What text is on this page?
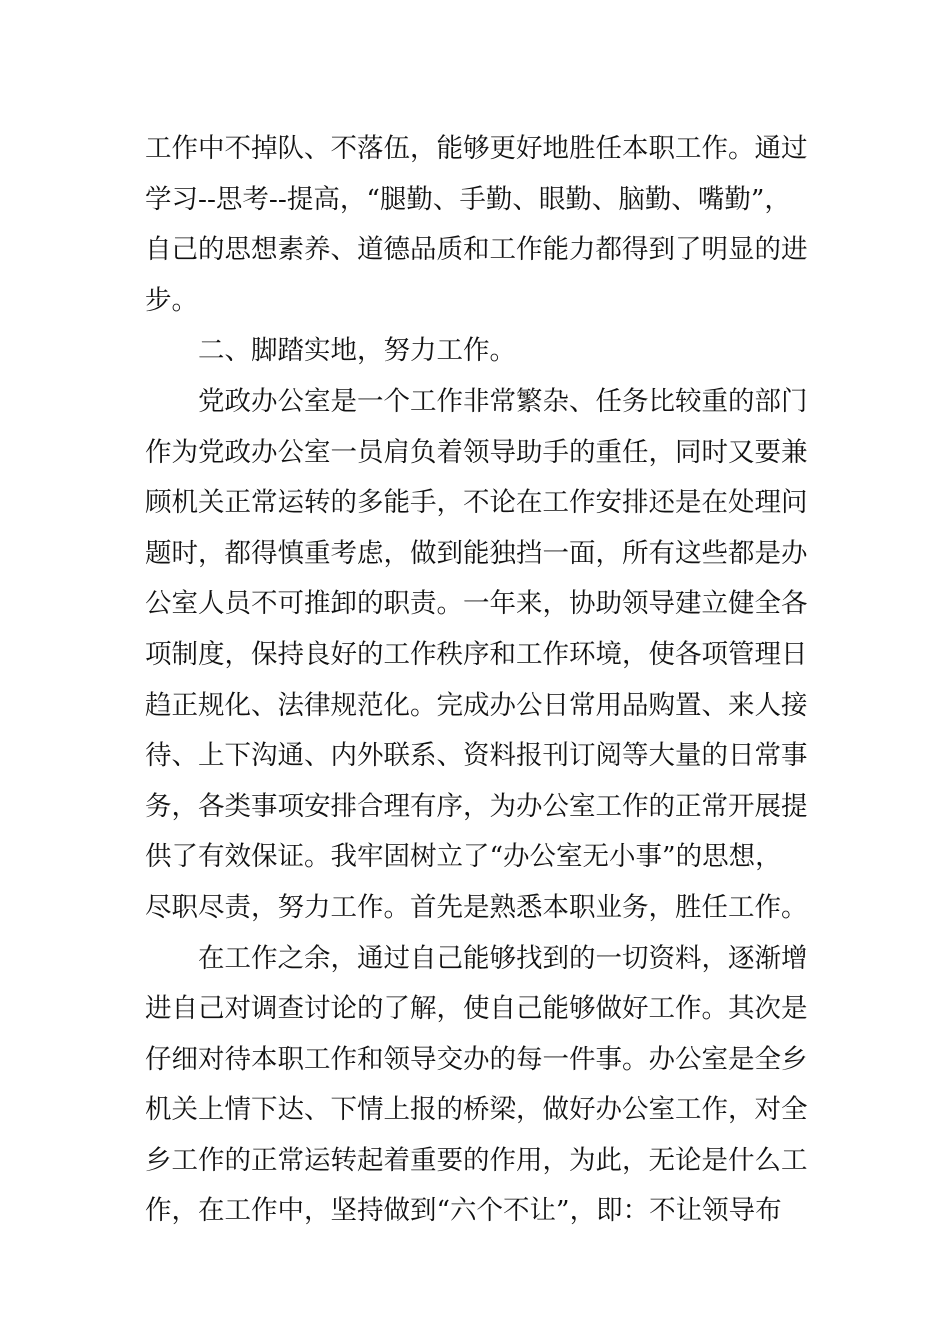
工作中不掉队、不落伍，能够更好地胜任本职工作。通过
学习--思考--提高，“腿勤、手勤、眼勤、脑勤、嘴勤”，
自己的思想素养、道德品质和工作能力都得到了明显的进
步。
二、脚踏实地，努力工作。
党政办公室是一个工作非常繁杂、任务比较重的部门
作为党政办公室一员肩负着领导助手的重任，同时又要兼
顾机关正常运转的多能手，不论在工作安排还是在处理问
题时，都得慎重考虑，做到能独挡一面，所有这些都是办
公室人员不可推卸的职责。一年来，协助领导建立健全各
项制度，保持良好的工作秩序和工作环境，使各项管理日
趋正规化、法律规范化。完成办公日常用品购置、来人接
待、上下沟通、内外联系、资料报刊订阅等大量的日常事
务，各类事项安排合理有序，为办公室工作的正常开展提
供了有效保证。我牢固树立了“办公室无小事”的思想，
尽职尽责，努力工作。首先是熟悉本职业务，胜任工作。
在工作之余，通过自己能够找到的一切资料，逐渐增
进自己对调查讨论的了解，使自己能够做好工作。其次是
仔细对待本职工作和领导交办的每一件事。办公室是全乡
机关上情下达、下情上报的桥梁，做好办公室工作，对全
乡工作的正常运转起着重要的作用，为此，无论是什么工
作，在工作中，坚持做到“六个不让”，即：不让领导布
